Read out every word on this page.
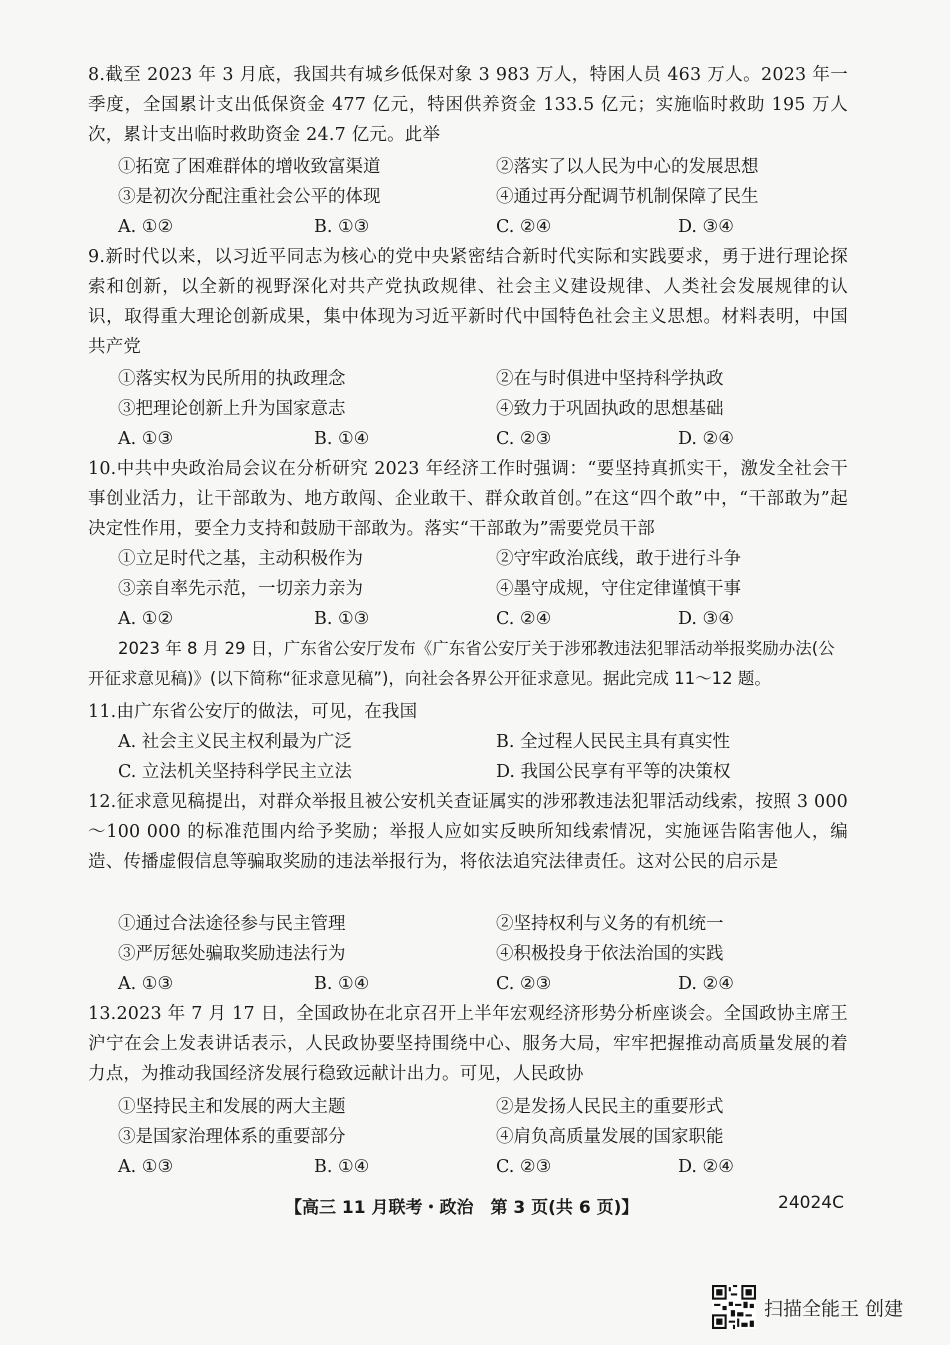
8.截至 2023 年 3 月底，我国共有城乡低保对象 3 983 万人，特困人员 463 万人。2023 年一季度，全国累计支出低保资金 477 亿元，特困供养资金 133.5 亿元；实施临时救助 195 万人次，累计支出临时救助资金 24.7 亿元。此举
①拓宽了困难群体的增收致富渠道	②落实了以人民为中心的发展思想
③是初次分配注重社会公平的体现	④通过再分配调节机制保障了民生
A. ①②	B. ①③	C. ②④	D. ③④
9.新时代以来，以习近平同志为核心的党中央紧密结合新时代实际和实践要求，勇于进行理论探索和创新，以全新的视野深化对共产党执政规律、社会主义建设规律、人类社会发展规律的认识，取得重大理论创新成果，集中体现为习近平新时代中国特色社会主义思想。材料表明，中国共产党
①落实权为民所用的执政理念	②在与时俱进中坚持科学执政
③把理论创新上升为国家意志	④致力于巩固执政的思想基础
A. ①③	B. ①④	C. ②③	D. ②④
10.中共中央政治局会议在分析研究 2023 年经济工作时强调：“要坚持真抓实干，激发全社会干事创业活力，让干部敢为、地方敢闯、企业敢干、群众敢首创。”在这“四个敢”中，“干部敢为”起决定性作用，要全力支持和鼓励干部敢为。落实“干部敢为”需要党员干部
①立足时代之基，主动积极作为	②守牢政治底线，敢于进行斗争
③亲自率先示范，一切亲力亲为	④墨守成规，守住定律谨慎干事
A. ①②	B. ①③	C. ②④	D. ③④
2023 年 8 月 29 日，广东省公安厅发布《广东省公安厅关于涉邪教违法犯罪活动举报奖励办法(公开征求意见稿)》(以下简称“征求意见稿”)，向社会各界公开征求意见。据此完成 11～12 题。
11.由广东省公安厅的做法，可见，在我国
A. 社会主义民主权利最为广泛	B. 全过程人民民主具有真实性
C. 立法机关坚持科学民主立法	D. 我国公民享有平等的决策权
12.征求意见稿提出，对群众举报且被公安机关查证属实的涉邪教违法犯罪活动线索，按照 3 000～100 000 的标准范围内给予奖励；举报人应如实反映所知线索情况，实施诬告陷害他人，编造、传播虚假信息等骗取奖励的违法举报行为，将依法追究法律责任。这对公民的启示是
①通过合法途径参与民主管理	②坚持权利与义务的有机统一
③严厉惩处骗取奖励违法行为	④积极投身于依法治国的实践
A. ①③	B. ①④	C. ②③	D. ②④
13.2023 年 7 月 17 日，全国政协在北京召开上半年宏观经济形势分析座谈会。全国政协主席王沪宁在会上发表讲话表示，人民政协要坚持围绕中心、服务大局，牢牢把握推动高质量发展的着力点，为推动我国经济发展行稳致远献计出力。可见，人民政协
①坚持民主和发展的两大主题	②是发扬人民民主的重要形式
③是国家治理体系的重要部分	④肩负高质量发展的国家职能
A. ①③	B. ①④	C. ②③	D. ②④
【高三 11 月联考・政治　第 3 页(共 6 页)】	24024C
扫描全能王 创建
